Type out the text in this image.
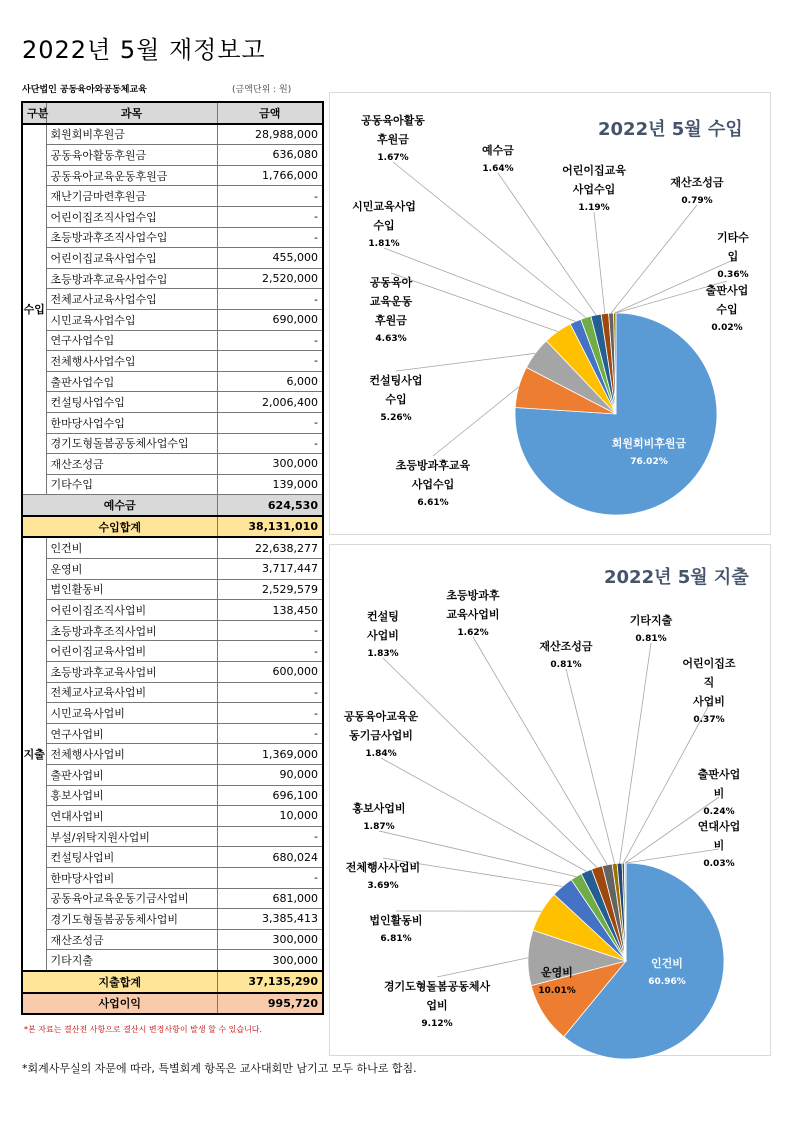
2022년 5월 재정보고
사단법인 공동육아와공동체교육	(금액단위 : 원)
구분	과목	금액
수입	회원회비후원금	28,988,000
	공동육아활동후원금	636,080
	공동육아교육운동후원금	1,766,000
	재난기금마련후원금	-
	어린이집조직사업수입	-
	초등방과후조직사업수입	-
	어린이집교육사업수입	455,000
	초등방과후교육사업수입	2,520,000
	전체교사교육사업수입	-
	시민교육사업수입	690,000
	연구사업수입	-
	전체행사사업수입	-
	출판사업수입	6,000
	컨설팅사업수입	2,006,400
	한마당사업수입	-
	경기도형돌봄공동체사업수입	-
	재산조성금	300,000
	기타수입	139,000
예수금		624,530
수입합계		38,131,010
지출	인건비	22,638,277
	운영비	3,717,447
	법인활동비	2,529,579
	어린이집조직사업비	138,450
	초등방과후조직사업비	-
	어린이집교육사업비	-
	초등방과후교육사업비	600,000
	전체교사교육사업비	-
	시민교육사업비	-
	연구사업비	-
	전체행사사업비	1,369,000
	출판사업비	90,000
	홍보사업비	696,100
	연대사업비	10,000
	부설/위탁지원사업비	-
	컨설팅사업비	680,024
	한마당사업비	-
	공동육아교육운동기금사업비	681,000
	경기도형돌봄공동체사업비	3,385,413
	재산조성금	300,000
	기타지출	300,000
지출합계		37,135,290
사업이익		995,720
*본 자료는 결산전 사항으로 결산시 변경사항이 발생 할 수 있습니다.
*회계사무실의 자문에 따라, 특별회계 항목은 교사대회만 남기고 모두 하나로 합침.
2022년 5월 수입
회원회비후원금
76.02%
초등방과후교육
사업수입
6.61%
컨설팅사업
수입
5.26%
공동육아
교육운동
후원금
4.63%
시민교육사업
수입
1.81%
공동육아활동
후원금
1.67%
예수금
1.64%	어린이집교육
사업수입
1.19%
재산조성금
0.79%
기타수입
0.36%
출판사업
수입
0.02%
2022년 5월 지출
인건비
60.96%
운영비
10.01%
경기도형돌봄공동체사
업비
9.12%
법인활동비
6.81%
전체행사사업비
3.69%
홍보사업비
1.87%
공동육아교육운
동기금사업비
1.84%
컨설팅
사업비
1.83%
초등방과후
교육사업비
1.62%
재산조성금
0.81%
기타지출
0.81%
어린이집조직
사업비
0.37%
출판사업비
0.24%
연대사업비
0.03%
